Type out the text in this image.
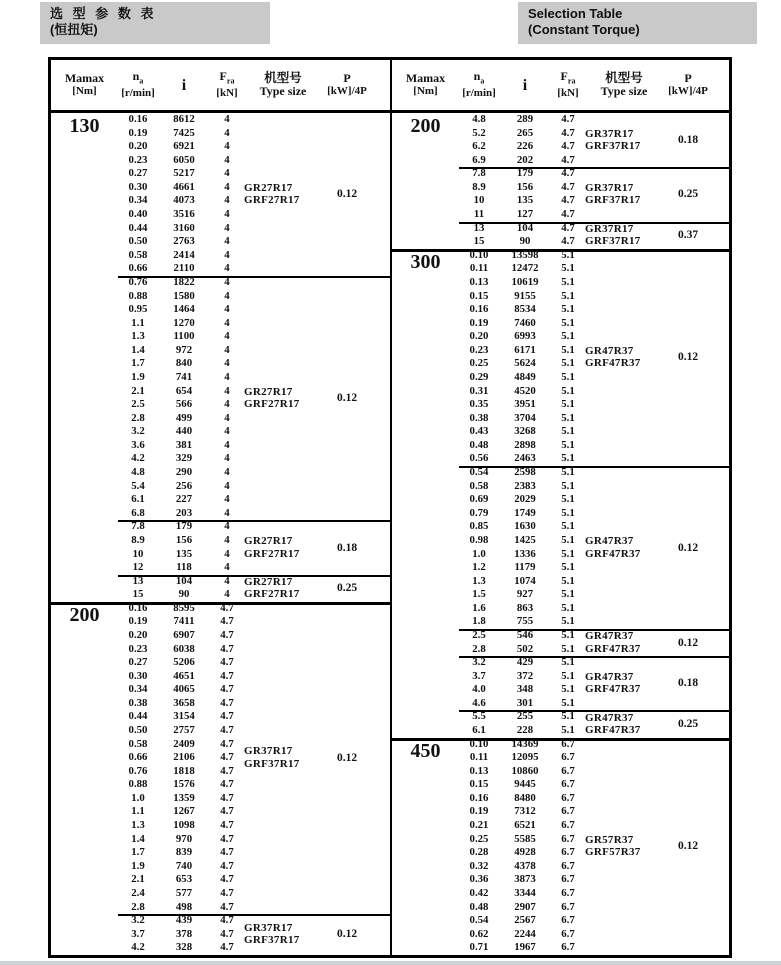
选 型 参 数 表
(恒扭矩)
Selection Table
(Constant Torque)
Mamax
[Nm]
$n_a$
[r/min]	i
$F_{ra}$
[kN]
机型号
Type size
P
[kW]/4P
130	0.16	8612	4
0.19	7425	4
0.20	6921	4
0.23	6050	4
0.27	5217	4
0.30	4661	4
0.34	4073	4
0.40	3516	4
0.44	3160	4
0.50	2763	4
0.58	2414	4
0.66	2110	4
GR27R17
GRF27R17	0.12
0.76	1822	4
0.88	1580	4
0.95	1464	4
1.1	1270	4
1.3	1100	4
1.4	972	4
1.7	840	4
1.9	741	4
2.1	654	4
2.5	566	4
2.8	499	4
3.2	440	4
3.6	381	4
4.2	329	4
4.8	290	4
5.4	256	4
6.1	227	4
6.8	203	4
GR27R17
GRF27R17	0.12
7.8	179	4
8.9	156	4
10	135	4
12	118	4
GR27R17
GRF27R17	0.18
13	104	4
15	90	4
GR27R17
GRF27R17	0.25
200	0.16	8595	4.7
0.19	7411	4.7
0.20	6907	4.7
0.23	6038	4.7
0.27	5206	4.7
0.30	4651	4.7
0.34	4065	4.7
0.38	3658	4.7
0.44	3154	4.7
0.50	2757	4.7
0.58	2409	4.7
0.66	2106	4.7
0.76	1818	4.7
0.88	1576	4.7
1.0	1359	4.7
1.1	1267	4.7
1.3	1098	4.7
1.4	970	4.7
1.7	839	4.7
1.9	740	4.7
2.1	653	4.7
2.4	577	4.7
2.8	498	4.7
GR37R17
GRF37R17	0.12
3.2	439	4.7
3.7	378	4.7
4.2	328	4.7
GR37R17
GRF37R17	0.12
Mamax
[Nm]
$n_a$
[r/min]	i
$F_{ra}$
[kN]
机型号
Type size
P
[kW]/4P
200	4.8	289	4.7
5.2	265	4.7
6.2	226	4.7
6.9	202	4.7
GR37R17
GRF37R17	0.18
7.8	179	4.7
8.9	156	4.7
10	135	4.7
11	127	4.7
GR37R17
GRF37R17	0.25
13	104	4.7
15	90	4.7
GR37R17
GRF37R17	0.37
300	0.10	13598	5.1
0.11	12472	5.1
0.13	10619	5.1
0.15	9155	5.1
0.16	8534	5.1
0.19	7460	5.1
0.20	6993	5.1
0.23	6171	5.1
0.25	5624	5.1
0.29	4849	5.1
0.31	4520	5.1
0.35	3951	5.1
0.38	3704	5.1
0.43	3268	5.1
0.48	2898	5.1
0.56	2463	5.1
GR47R37
GRF47R37	0.12
0.54	2598	5.1
0.58	2383	5.1
0.69	2029	5.1
0.79	1749	5.1
0.85	1630	5.1
0.98	1425	5.1
1.0	1336	5.1
1.2	1179	5.1
1.3	1074	5.1
1.5	927	5.1
1.6	863	5.1
1.8	755	5.1
GR47R37
GRF47R37	0.12
2.5	546	5.1
2.8	502	5.1
GR47R37
GRF47R37	0.12
3.2	429	5.1
3.7	372	5.1
4.0	348	5.1
4.6	301	5.1
GR47R37
GRF47R37	0.18
5.5	255	5.1
6.1	228	5.1
GR47R37
GRF47R37	0.25
450	0.10	14369	6.7
0.11	12095	6.7
0.13	10860	6.7
0.15	9445	6.7
0.16	8480	6.7
0.19	7312	6.7
0.21	6521	6.7
0.25	5585	6.7
0.28	4928	6.7
0.32	4378	6.7
0.36	3873	6.7
0.42	3344	6.7
0.48	2907	6.7
0.54	2567	6.7
0.62	2244	6.7
0.71	1967	6.7
GR57R37
GRF57R37	0.12
